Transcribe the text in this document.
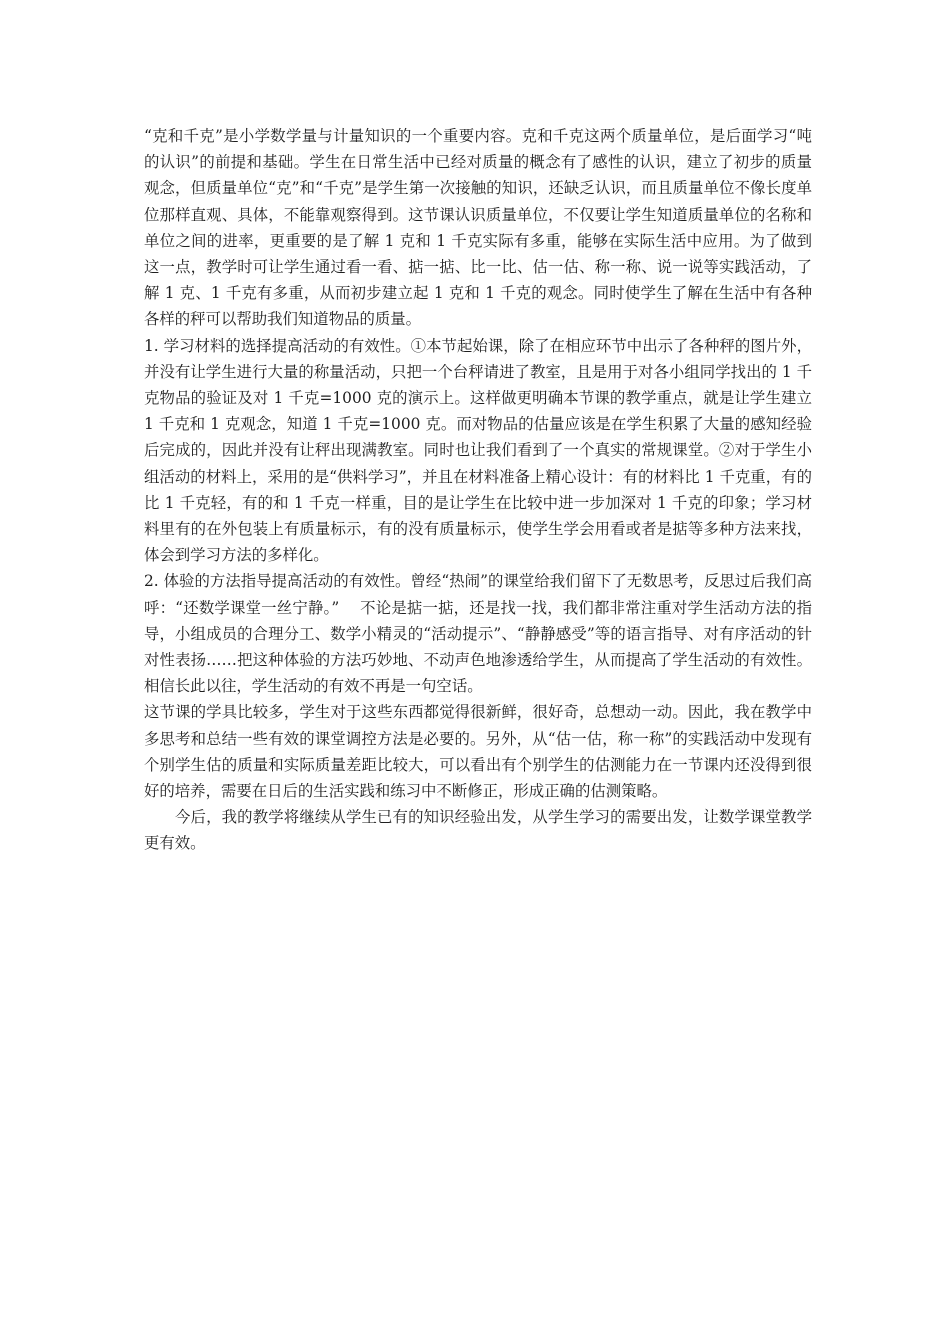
“克和千克”是小学数学量与计量知识的一个重要内容。克和千克这两个质量单位，是后面学习“吨的认识”的前提和基础。学生在日常生活中已经对质量的概念有了感性的认识，建立了初步的质量观念，但质量单位“克”和“千克”是学生第一次接触的知识，还缺乏认识，而且质量单位不像长度单位那样直观、具体，不能靠观察得到。这节课认识质量单位，不仅要让学生知道质量单位的名称和单位之间的进率，更重要的是了解 1 克和 1 千克实际有多重，能够在实际生活中应用。为了做到这一点，教学时可让学生通过看一看、掂一掂、比一比、估一估、称一称、说一说等实践活动，了解 1 克、1 千克有多重，从而初步建立起 1 克和 1 千克的观念。同时使学生了解在生活中有各种各样的秤可以帮助我们知道物品的质量。

1. 学习材料的选择提高活动的有效性。①本节起始课，除了在相应环节中出示了各种秤的图片外，并没有让学生进行大量的称量活动，只把一个台秤请进了教室，且是用于对各小组同学找出的 1 千克物品的验证及对 1 千克=1000 克的演示上。这样做更明确本节课的教学重点，就是让学生建立 1 千克和 1 克观念，知道 1 千克=1000 克。而对物品的估量应该是在学生积累了大量的感知经验后完成的，因此并没有让秤出现满教室。同时也让我们看到了一个真实的常规课堂。②对于学生小组活动的材料上，采用的是“供料学习”，并且在材料准备上精心设计：有的材料比 1 千克重，有的比 1 千克轻，有的和 1 千克一样重，目的是让学生在比较中进一步加深对 1 千克的印象；学习材料里有的在外包装上有质量标示，有的没有质量标示，使学生学会用看或者是掂等多种方法来找，体会到学习方法的多样化。

2. 体验的方法指导提高活动的有效性。曾经“热闹”的课堂给我们留下了无数思考，反思过后我们高呼：“还数学课堂一丝宁静。”　 不论是掂一掂，还是找一找，我们都非常注重对学生活动方法的指导，小组成员的合理分工、数学小精灵的“活动提示”、“静静感受”等的语言指导、对有序活动的针对性表扬……把这种体验的方法巧妙地、不动声色地渗透给学生，从而提高了学生活动的有效性。相信长此以往，学生活动的有效不再是一句空话。

这节课的学具比较多，学生对于这些东西都觉得很新鲜，很好奇，总想动一动。因此，我在教学中多思考和总结一些有效的课堂调控方法是必要的。另外，从“估一估，称一称”的实践活动中发现有个别学生估的质量和实际质量差距比较大，可以看出有个别学生的估测能力在一节课内还没得到很好的培养，需要在日后的生活实践和练习中不断修正，形成正确的估测策略。

今后，我的教学将继续从学生已有的知识经验出发，从学生学习的需要出发，让数学课堂教学更有效。
